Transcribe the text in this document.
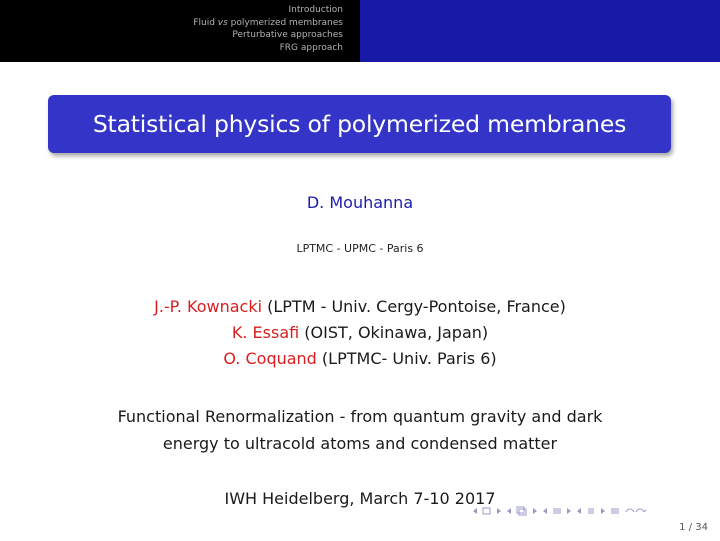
Introduction
Fluid vs polymerized membranes
Perturbative approaches
FRG approach
Statistical physics of polymerized membranes
D. Mouhanna
LPTMC - UPMC - Paris 6
J.-P. Kownacki (LPTM - Univ. Cergy-Pontoise, France)
K. Essafi (OIST, Okinawa, Japan)
O. Coquand (LPTMC- Univ. Paris 6)
Functional Renormalization - from quantum gravity and dark
energy to ultracold atoms and condensed matter
IWH Heidelberg, March 7-10 2017
1 / 34
